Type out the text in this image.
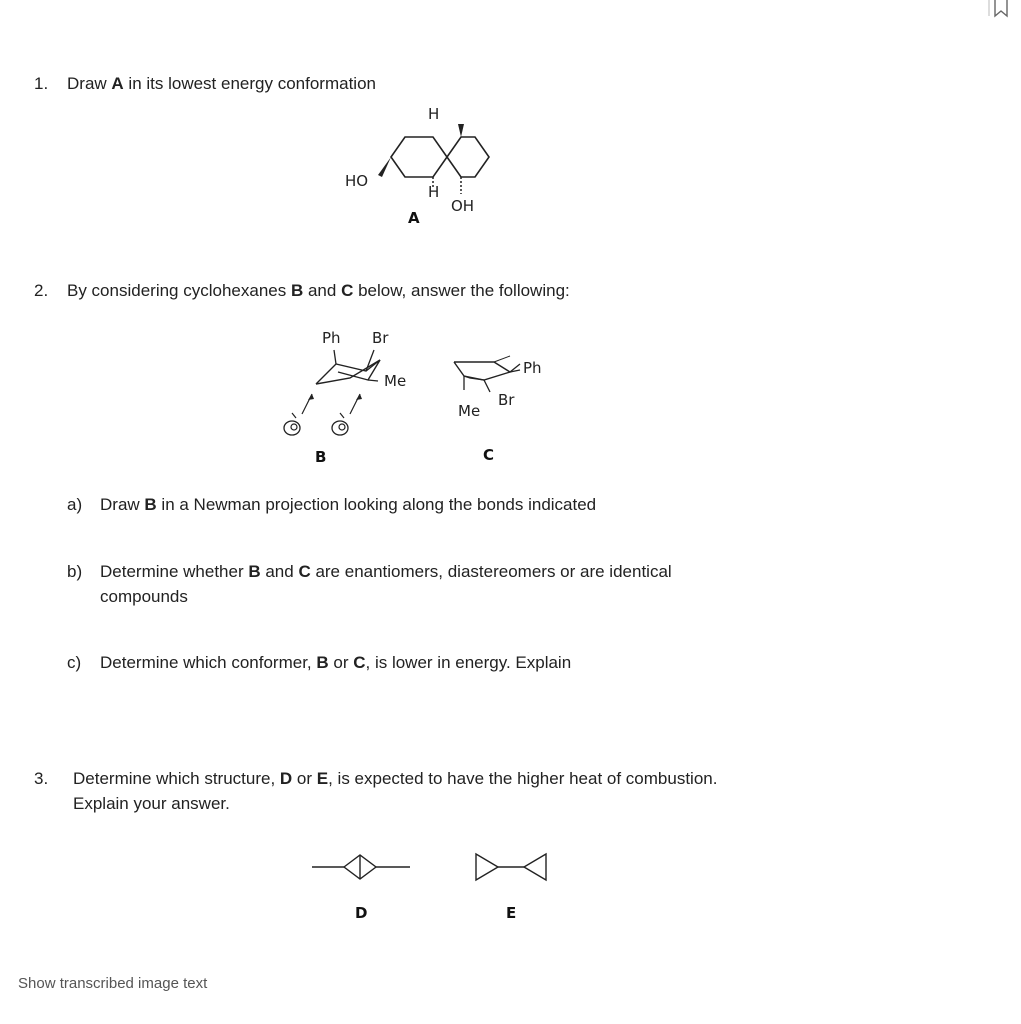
1. Draw A in its lowest energy conformation
H
HO
H
OH
A
2. By considering cyclohexanes B and C below, answer the following:
Ph Br
Me
B
Ph
Br
Me
C
a) Draw B in a Newman projection looking along the bonds indicated
b) Determine whether B and C are enantiomers, diastereomers or are identical
compounds
c) Determine which conformer, B or C, is lower in energy. Explain
3. Determine which structure, D or E, is expected to have the higher heat of combustion.
Explain your answer.
D	E
Show transcribed image text
